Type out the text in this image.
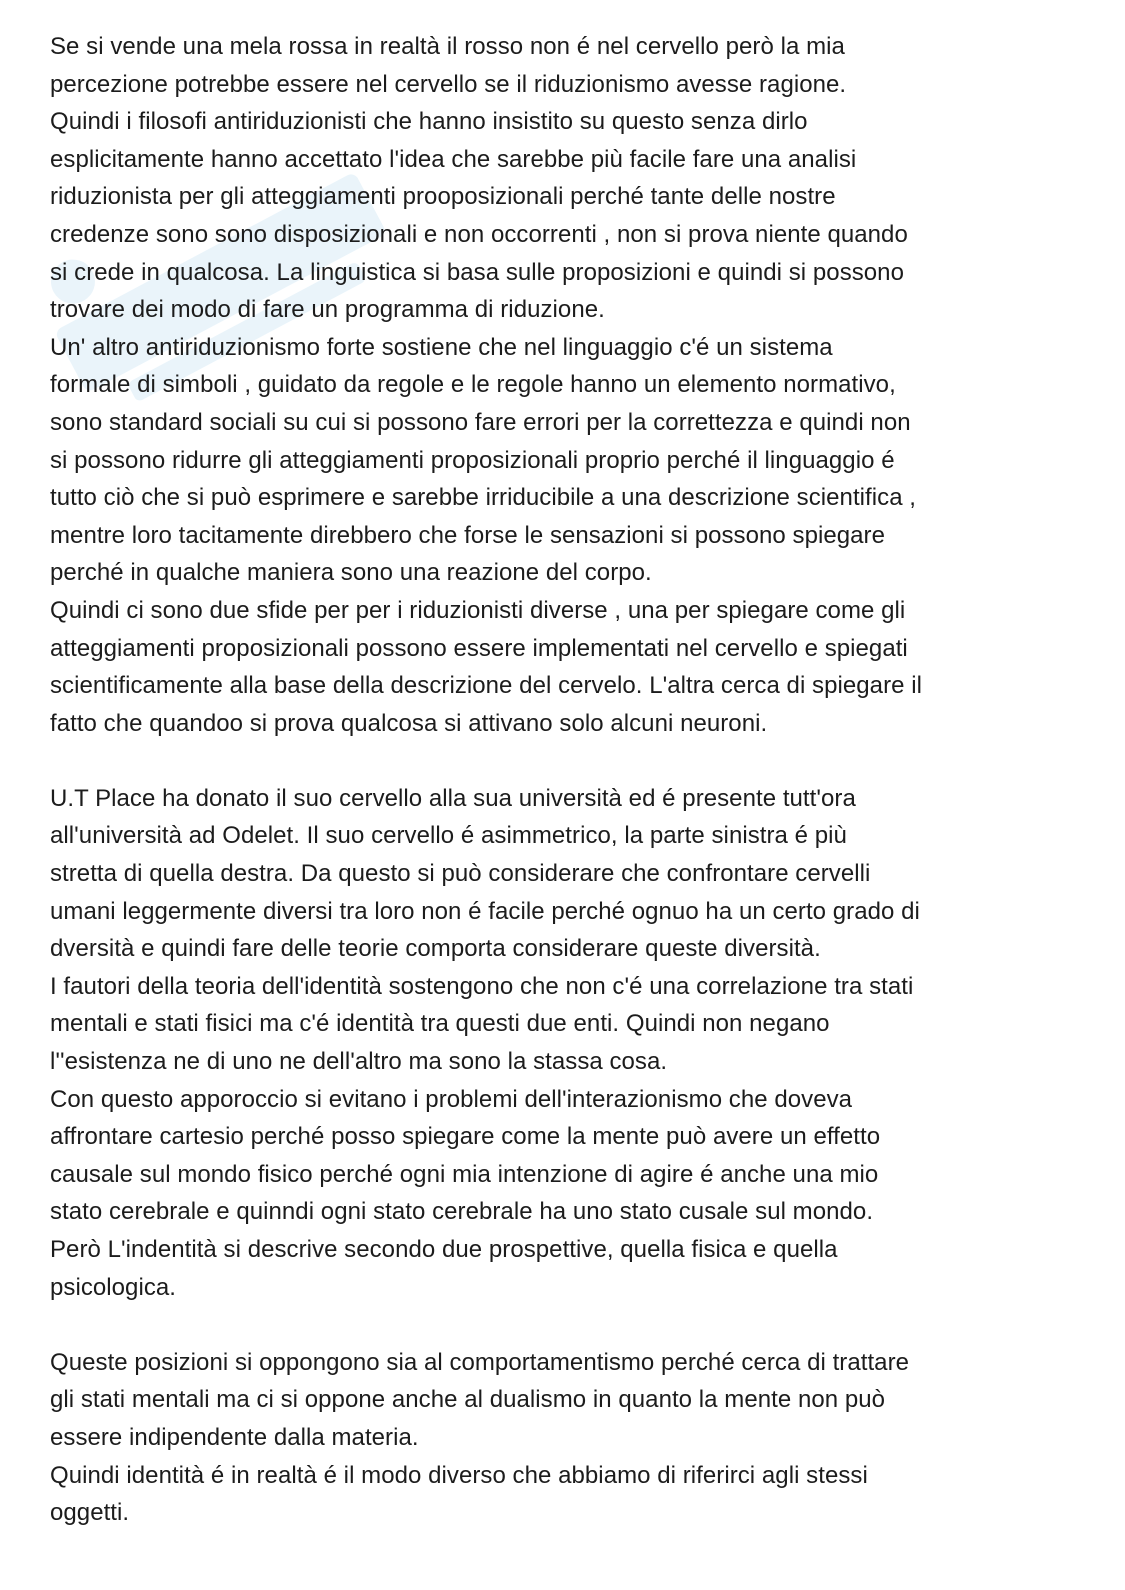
Se si vende una mela rossa in realtà il rosso non é nel cervello però la mia
percezione potrebbe essere nel cervello se il riduzionismo avesse ragione.
Quindi i filosofi antiriduzionisti che hanno insistito su questo senza dirlo
esplicitamente hanno accettato l'idea che sarebbe più facile fare una analisi
riduzionista per gli atteggiamenti prooposizionali perché tante delle nostre
credenze sono sono disposizionali e non occorrenti , non si prova niente quando
si crede in qualcosa. La linguistica si basa sulle proposizioni e quindi si possono
trovare dei modo di fare un programma di riduzione.
Un' altro antiriduzionismo forte sostiene che nel linguaggio c'é un sistema
formale di simboli , guidato da regole e le regole hanno un elemento normativo,
sono standard sociali su cui si possono fare errori per la correttezza e quindi non
si possono ridurre gli atteggiamenti proposizionali proprio perché il linguaggio é
tutto ciò che si può esprimere e sarebbe irriducibile a una descrizione scientifica ,
mentre loro tacitamente direbbero che forse le sensazioni si possono spiegare
perché in qualche maniera sono una reazione del corpo.
Quindi ci sono due sfide per per i riduzionisti diverse , una per spiegare come gli
atteggiamenti proposizionali possono essere implementati nel cervello e spiegati
scientificamente alla base della descrizione del cervelo. L'altra cerca di spiegare il
fatto che quandoo si prova qualcosa si attivano solo alcuni neuroni.
U.T Place ha donato il suo cervello alla sua università ed é presente tutt'ora
all'università ad Odelet. Il suo cervello é asimmetrico, la parte sinistra é più
stretta di quella destra. Da questo si può considerare che confrontare cervelli
umani leggermente diversi tra loro non é facile perché ognuo ha un certo grado di
dversità e quindi fare delle teorie comporta considerare queste diversità.
I fautori della teoria dell'identità sostengono che non c'é una correlazione tra stati
mentali e stati fisici ma c'é identità tra questi due enti. Quindi non negano
l''esistenza ne di uno ne dell'altro ma sono la stassa cosa.
Con questo apporoccio si evitano i problemi dell'interazionismo che doveva
affrontare cartesio perché posso spiegare come la mente può avere un effetto
causale sul mondo fisico perché ogni mia intenzione di agire é anche una mio
stato cerebrale e quinndi ogni stato cerebrale ha uno stato cusale sul mondo.
Però L'indentità si descrive secondo due prospettive, quella fisica e quella
psicologica.
Queste posizioni si oppongono sia al comportamentismo perché cerca di trattare
gli stati mentali ma ci si oppone anche al dualismo in quanto la mente non può
essere indipendente dalla materia.
Quindi identità é in realtà é il modo diverso che abbiamo di riferirci agli stessi
oggetti.
